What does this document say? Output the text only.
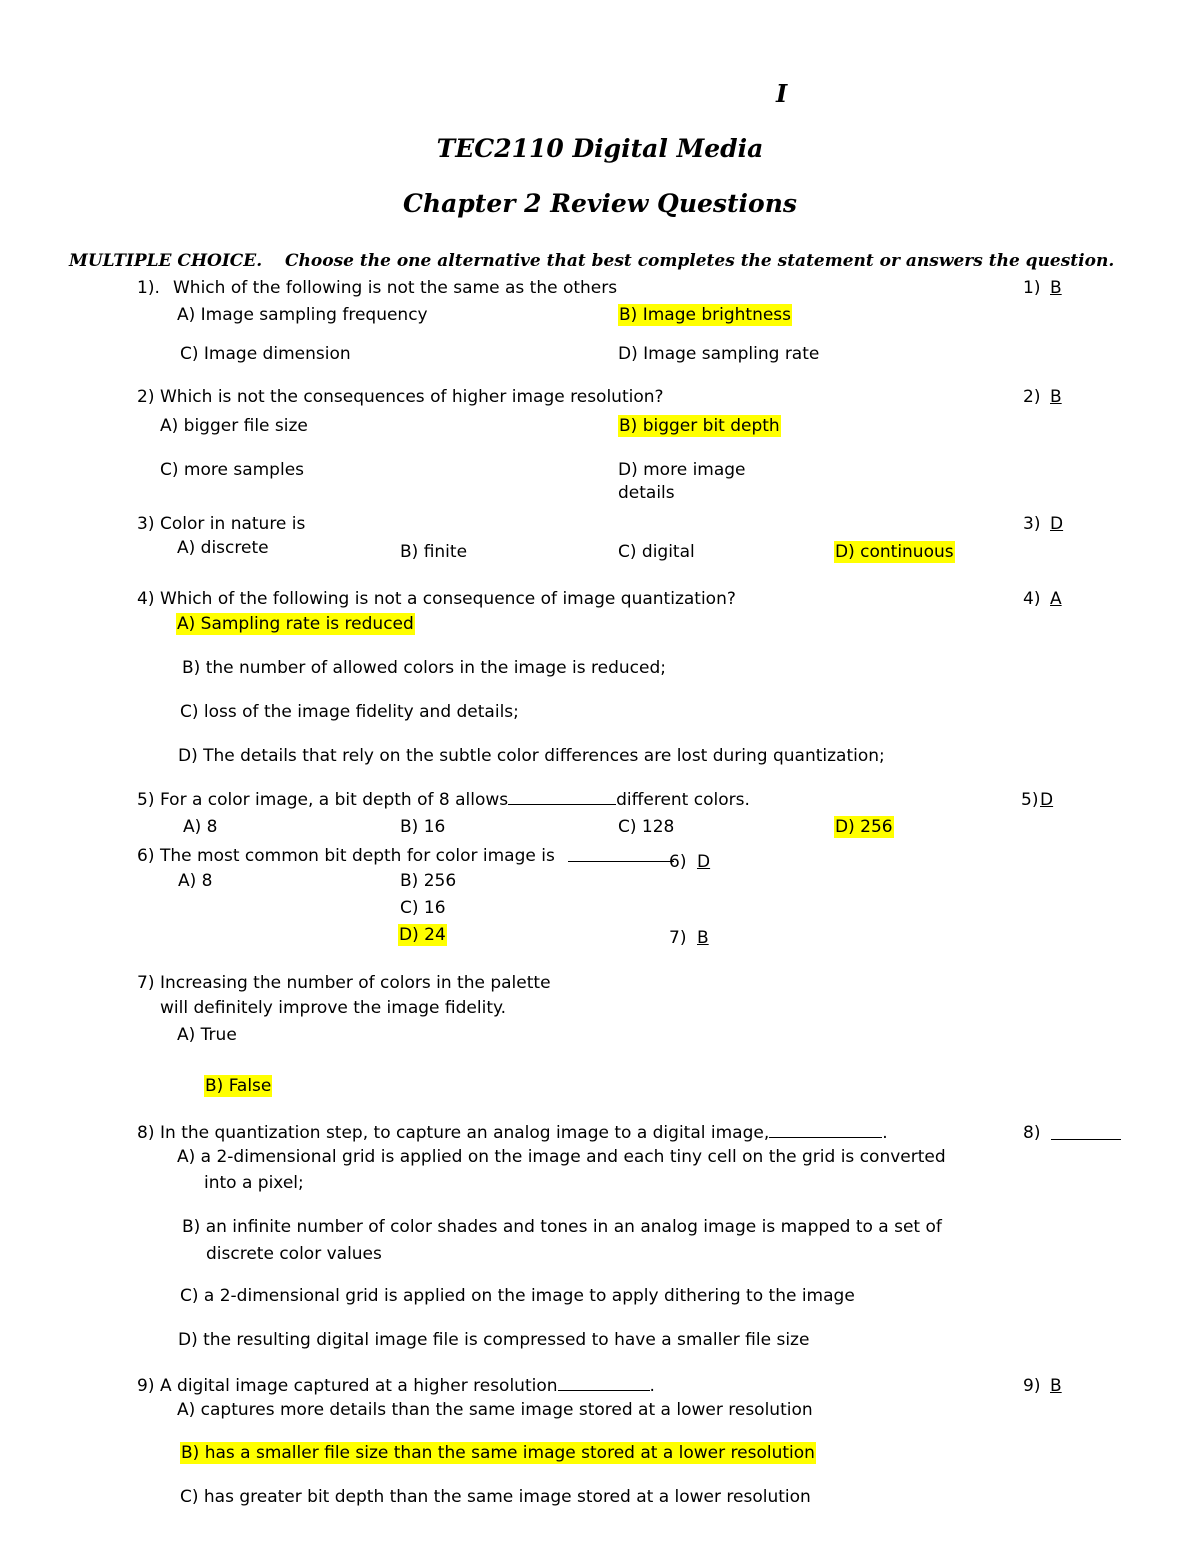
I
TEC2110 Digital Media
Chapter 2 Review Questions
MULTIPLE CHOICE. Choose the one alternative that best completes the statement or answers the question.
1). Which of the following is not the same as the others	1) B
A) Image sampling frequency	B) Image brightness
C) Image dimension	D) Image sampling rate
2) Which is not the consequences of higher image resolution?	2) B
A) bigger file size	B) bigger bit depth
C) more samples	D) more image
details
3) Color in nature is	3) D
A) discrete	B) finite	C) digital	D) continuous
4) Which of the following is not a consequence of image quantization?	4) A
A) Sampling rate is reduced
B) the number of allowed colors in the image is reduced;
C) loss of the image fidelity and details;
D) The details that rely on the subtle color differences are lost during quantization;
5) For a color image, a bit depth of 8 allows	different colors.	5) D
A) 8	B) 16	C) 128	D) 256
6) The most common bit depth for color image is	6) D
A) 8	B) 256
C) 16
D) 24	7) B
7) Increasing the number of colors in the palette
will definitely improve the image fidelity.
A) True
B) False
8) In the quantization step, to capture an analog image to a digital image,	.	8)
A) a 2-dimensional grid is applied on the image and each tiny cell on the grid is converted
into a pixel;
B) an infinite number of color shades and tones in an analog image is mapped to a set of
discrete color values
C) a 2-dimensional grid is applied on the image to apply dithering to the image
D) the resulting digital image file is compressed to have a smaller file size
9) A digital image captured at a higher resolution	.	9) B
A) captures more details than the same image stored at a lower resolution
B) has a smaller file size than the same image stored at a lower resolution
C) has greater bit depth than the same image stored at a lower resolution
